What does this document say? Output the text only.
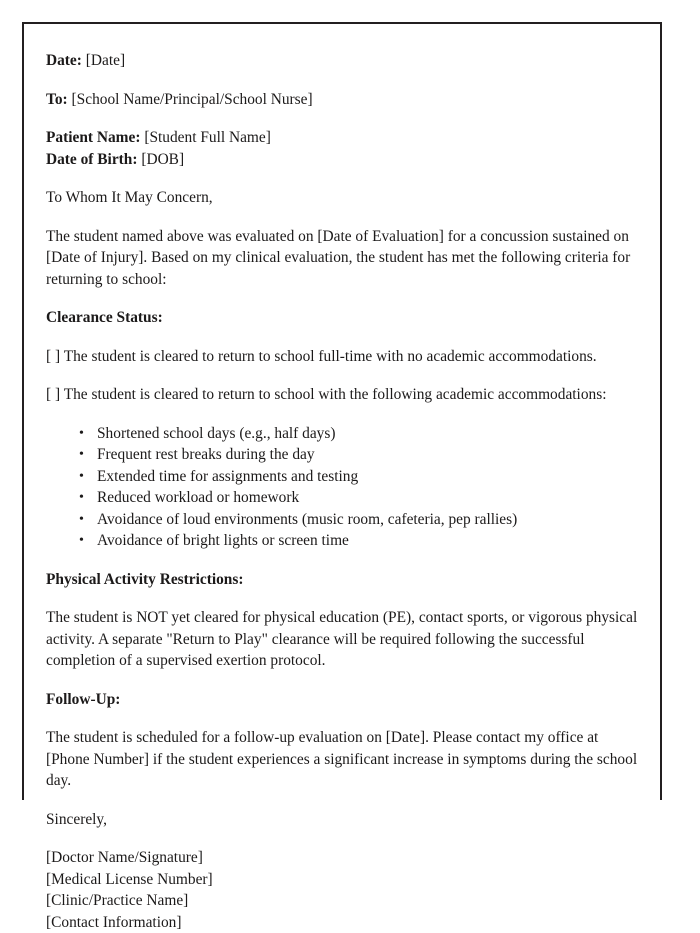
Date: [Date]

To: [School Name/Principal/School Nurse]

Patient Name: [Student Full Name]
Date of Birth: [DOB]

To Whom It May Concern,

The student named above was evaluated on [Date of Evaluation] for a concussion sustained on [Date of Injury]. Based on my clinical evaluation, the student has met the following criteria for returning to school:

Clearance Status:

[ ] The student is cleared to return to school full-time with no academic accommodations.

[ ] The student is cleared to return to school with the following academic accommodations:

• Shortened school days (e.g., half days)
• Frequent rest breaks during the day
• Extended time for assignments and testing
• Reduced workload or homework
• Avoidance of loud environments (music room, cafeteria, pep rallies)
• Avoidance of bright lights or screen time

Physical Activity Restrictions:

The student is NOT yet cleared for physical education (PE), contact sports, or vigorous physical activity. A separate "Return to Play" clearance will be required following the successful completion of a supervised exertion protocol.

Follow-Up:

The student is scheduled for a follow-up evaluation on [Date]. Please contact my office at [Phone Number] if the student experiences a significant increase in symptoms during the school day.

Sincerely,

[Doctor Name/Signature]
[Medical License Number]
[Clinic/Practice Name]
[Contact Information]
